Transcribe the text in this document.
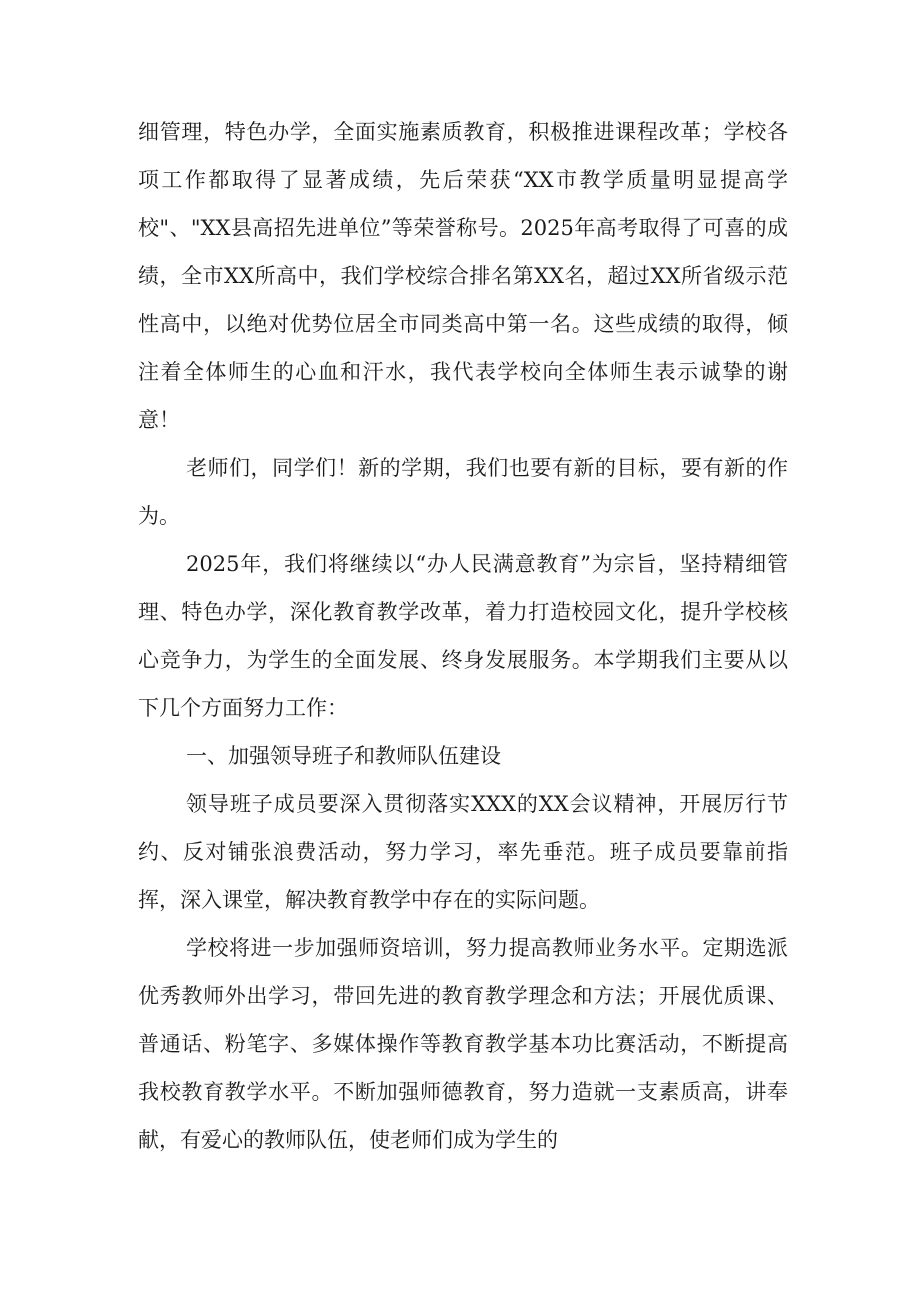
细管理，特色办学，全面实施素质教育，积极推进课程改革；学校各项工作都取得了显著成绩，先后荣获“XX市教学质量明显提高学校"、"XX县高招先进单位”等荣誉称号。2025年高考取得了可喜的成绩，全市XX所高中，我们学校综合排名第XX名，超过XX所省级示范性高中，以绝对优势位居全市同类高中第一名。这些成绩的取得，倾注着全体师生的心血和汗水，我代表学校向全体师生表示诚挚的谢意！

老师们，同学们！新的学期，我们也要有新的目标，要有新的作为。

2025年，我们将继续以“办人民满意教育”为宗旨，坚持精细管理、特色办学，深化教育教学改革，着力打造校园文化，提升学校核心竞争力，为学生的全面发展、终身发展服务。本学期我们主要从以下几个方面努力工作：

一、加强领导班子和教师队伍建设

领导班子成员要深入贯彻落实XXX的XX会议精神，开展厉行节约、反对铺张浪费活动，努力学习，率先垂范。班子成员要靠前指挥，深入课堂，解决教育教学中存在的实际问题。

学校将进一步加强师资培训，努力提高教师业务水平。定期选派优秀教师外出学习，带回先进的教育教学理念和方法；开展优质课、普通话、粉笔字、多媒体操作等教育教学基本功比赛活动，不断提高我校教育教学水平。不断加强师德教育，努力造就一支素质高，讲奉献，有爱心的教师队伍，使老师们成为学生的
